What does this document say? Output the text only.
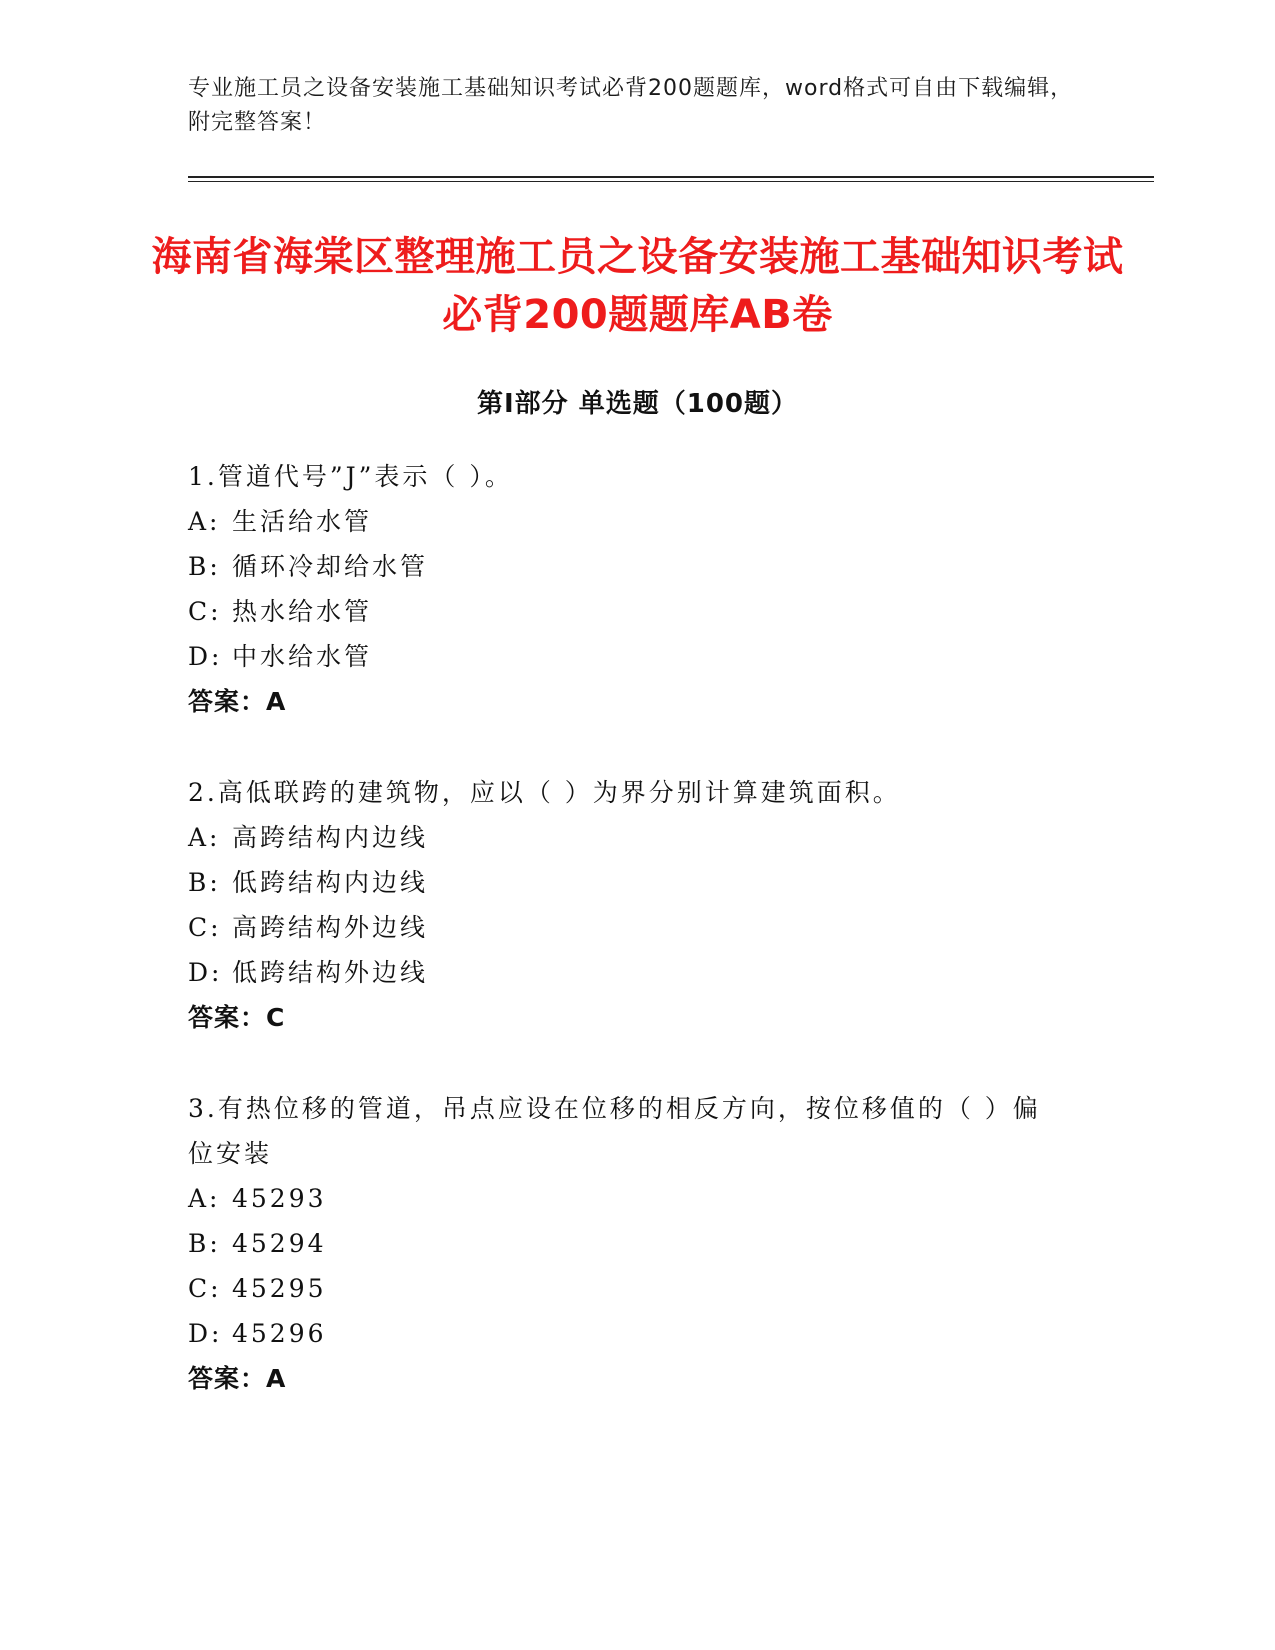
专业施工员之设备安装施工基础知识考试必背200题题库，word格式可自由下载编辑，附完整答案！
海南省海棠区整理施工员之设备安装施工基础知识考试必背200题题库AB卷
第I部分 单选题（100题）
1.管道代号”J”表示（ ）。
A: 生活给水管
B: 循环冷却给水管
C: 热水给水管
D: 中水给水管
答案：A
2.高低联跨的建筑物，应以（ ）为界分别计算建筑面积。
A: 高跨结构内边线
B: 低跨结构内边线
C: 高跨结构外边线
D: 低跨结构外边线
答案：C
3.有热位移的管道，吊点应设在位移的相反方向，按位移值的（ ）偏位安装
A: 45293
B: 45294
C: 45295
D: 45296
答案：A
